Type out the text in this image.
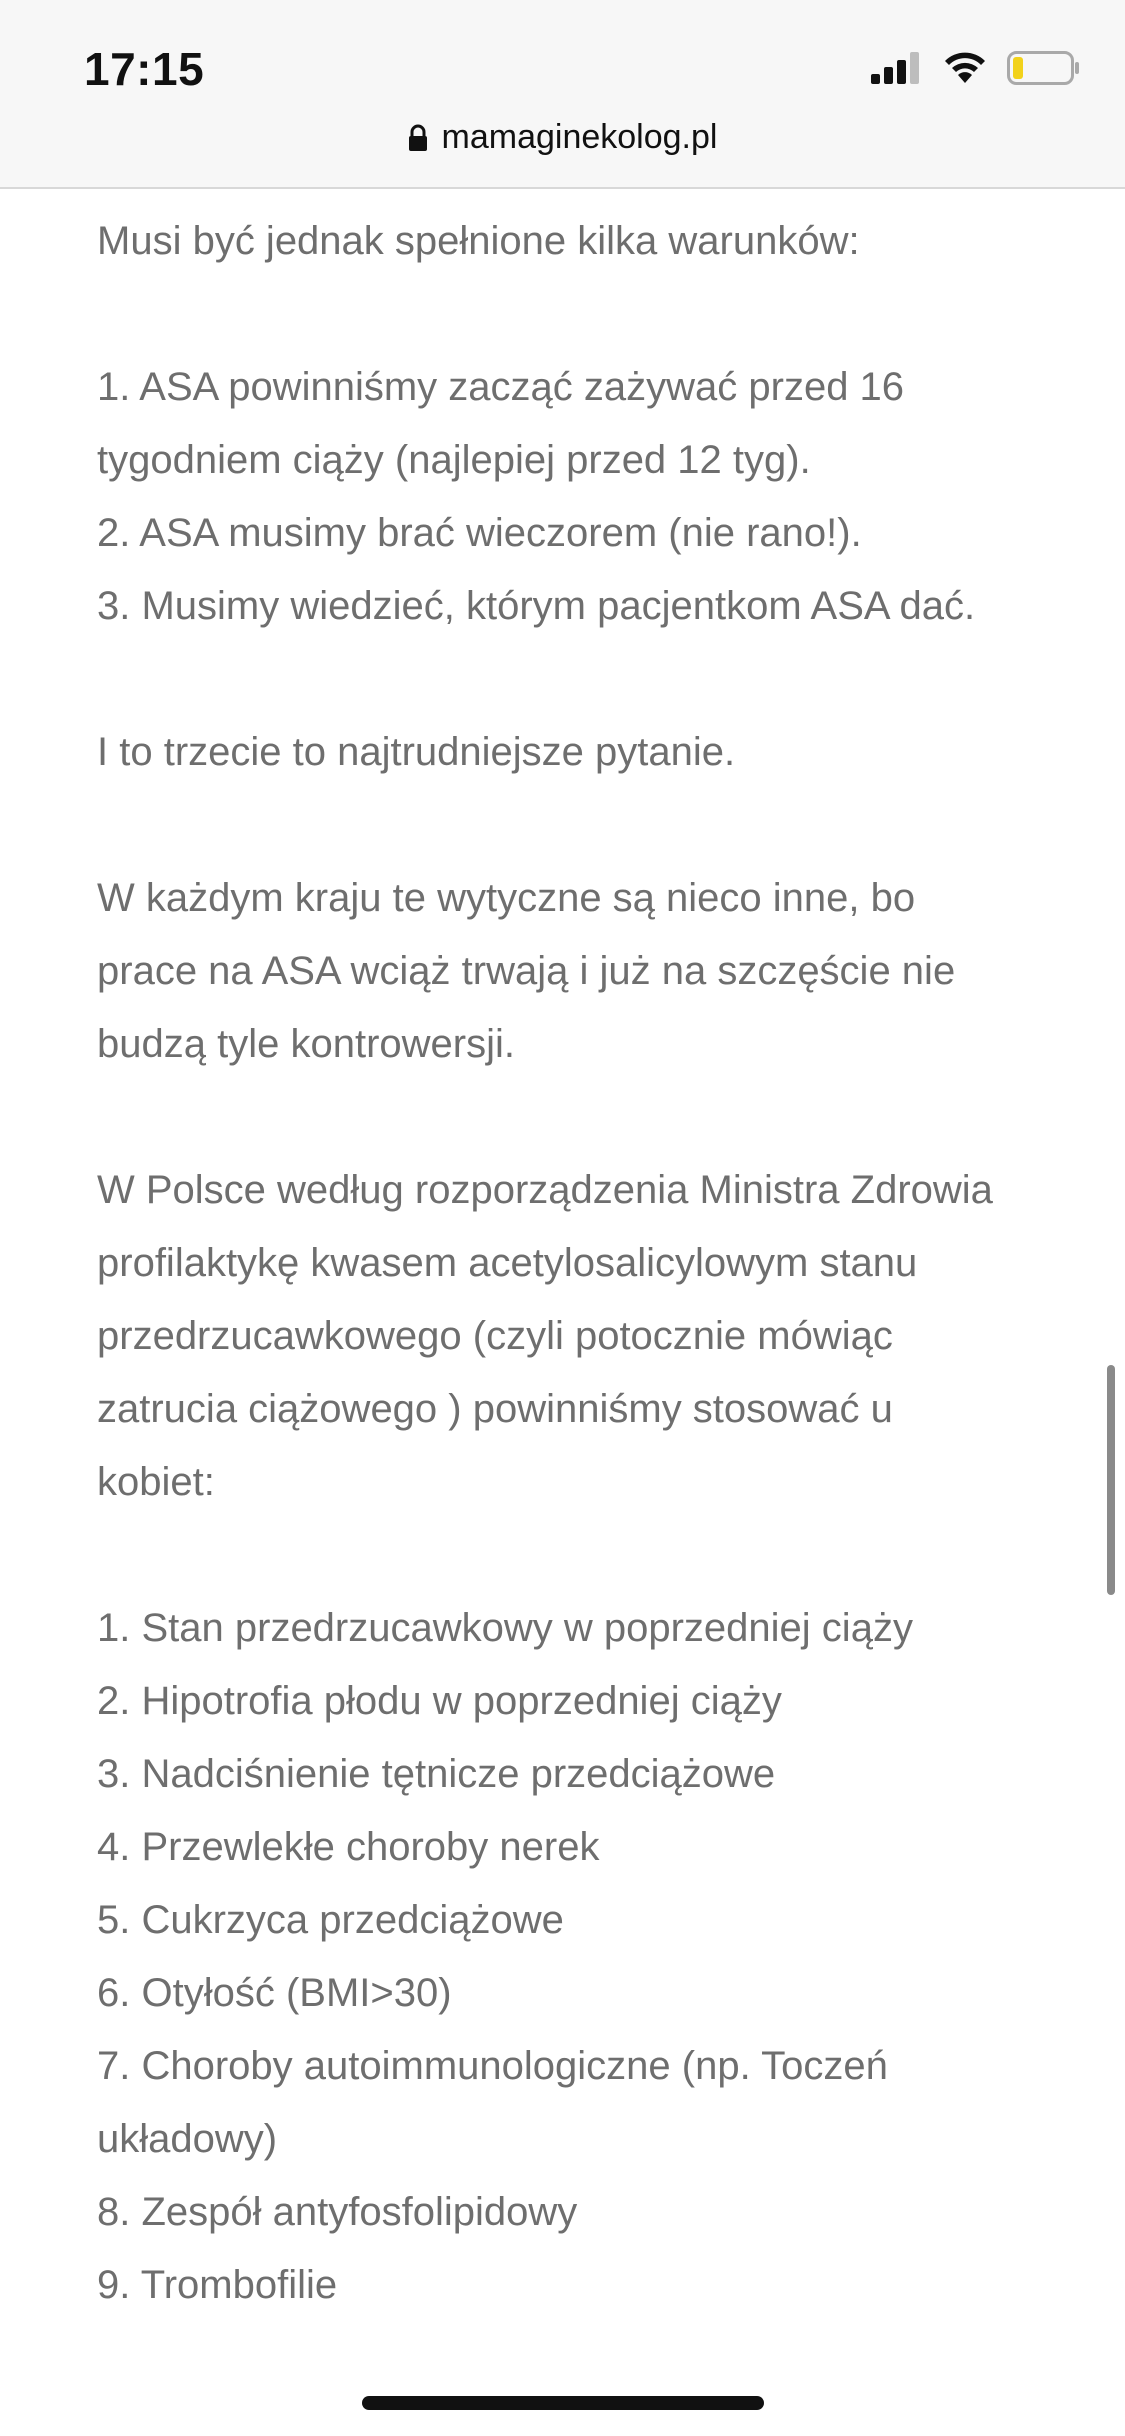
17:15
mamaginekolog.pl

Musi być jednak spełnione kilka warunków:

1. ASA powinniśmy zacząć zażywać przed 16 tygodniem ciąży (najlepiej przed 12 tyg).
2. ASA musimy brać wieczorem (nie rano!).
3. Musimy wiedzieć, którym pacjentkom ASA dać.

I to trzecie to najtrudniejsze pytanie.

W każdym kraju te wytyczne są nieco inne, bo prace na ASA wciąż trwają i już na szczęście nie budzą tyle kontrowersji.

W Polsce według rozporządzenia Ministra Zdrowia profilaktykę kwasem acetylosalicylowym stanu przedrzucawkowego (czyli potocznie mówiąc zatrucia ciążowego ) powinniśmy stosować u kobiet:

1. Stan przedrzucawkowy w poprzedniej ciąży
2. Hipotrofia płodu w poprzedniej ciąży
3. Nadciśnienie tętnicze przedciążowe
4. Przewlekłe choroby nerek
5. Cukrzyca przedciążowe
6. Otyłość (BMI>30)
7. Choroby autoimmunologiczne (np. Toczeń układowy)
8. Zespół antyfosfolipidowy
9. Trombofilie
